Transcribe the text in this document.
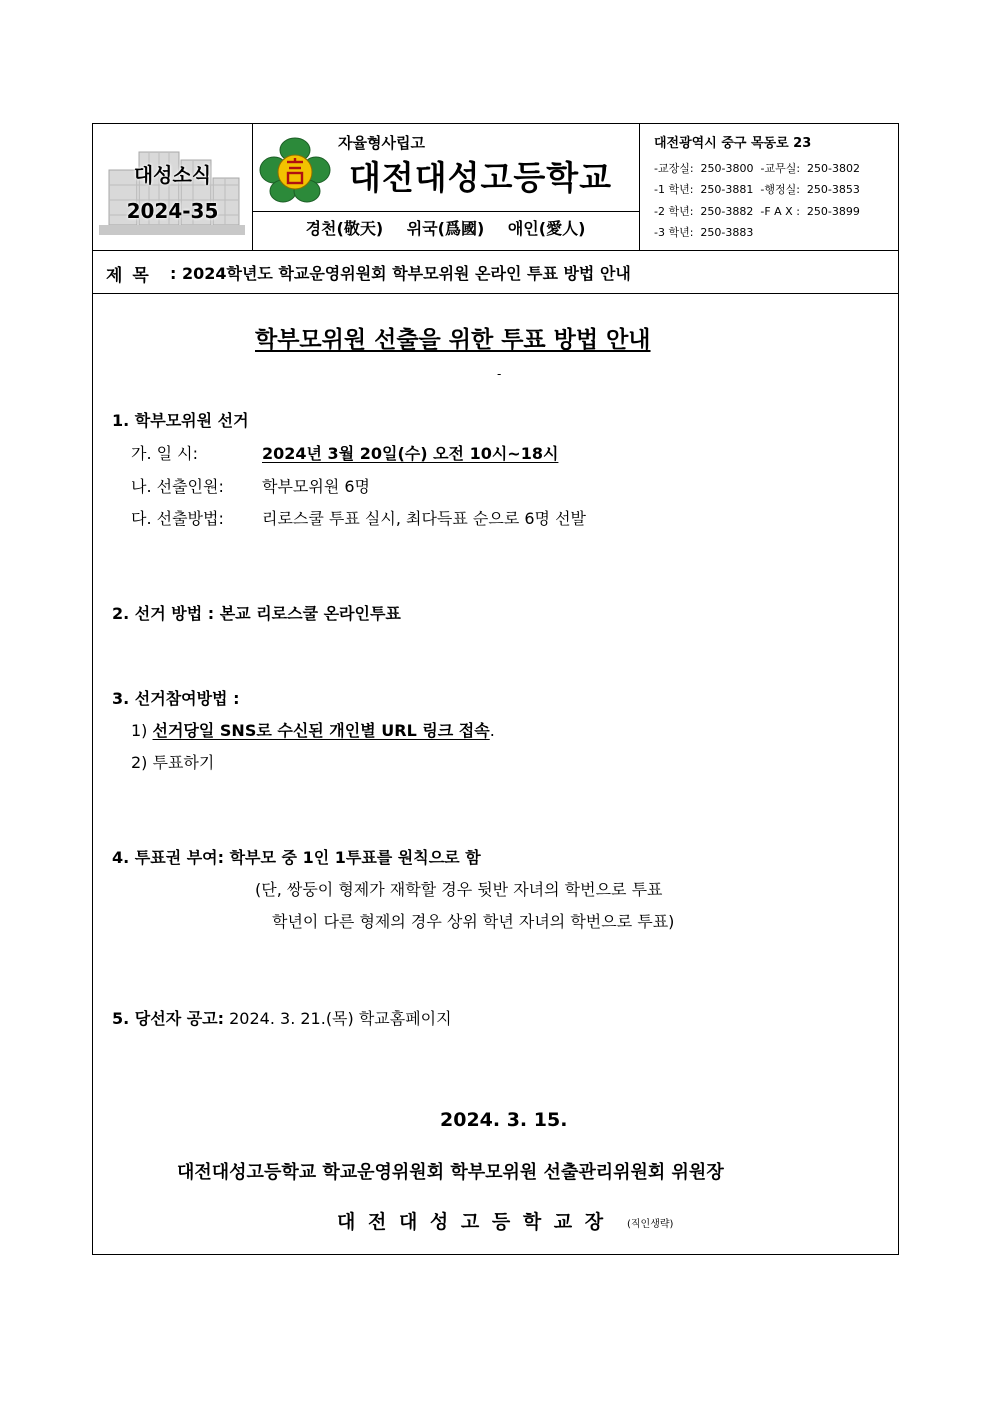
대성소식
2024-35
자율형사립고
대전대성고등학교
경천(敬天) 위국(爲國) 애인(愛人)
대전광역시 중구 목동로 23
-교장실:  250-3800  -교무실:  250-3802
-1 학년:  250-3881  -행정실:  250-3853
-2 학년:  250-3882  -F A X :  250-3899
-3 학년:  250-3883
제 목 : 2024학년도 학교운영위원회 학부모위원 온라인 투표 방법 안내
학부모위원 선출을 위한 투표 방법 안내
-
1. 학부모위원 선거
가. 일 시:	2024년 3월 20일(수) 오전 10시~18시
나. 선출인원: 학부모위원 6명
다. 선출방법: 리로스쿨 투표 실시, 최다득표 순으로 6명 선발
2. 선거 방법 : 본교 리로스쿨 온라인투표
3. 선거참여방법 :
1) 선거당일 SNS로 수신된 개인별 URL 링크 접속.
2) 투표하기
4. 투표권 부여: 학부모 중 1인 1투표를 원칙으로 함
(단, 쌍둥이 형제가 재학할 경우 뒷반 자녀의 학번으로 투표
학년이 다른 형제의 경우 상위 학년 자녀의 학번으로 투표)
5. 당선자 공고: 2024. 3. 21.(목) 학교홈페이지
2024. 3. 15.
대전대성고등학교 학교운영위원회 학부모위원 선출관리위원회 위원장
대 전 대 성 고 등 학 교 장 (직인생략)
